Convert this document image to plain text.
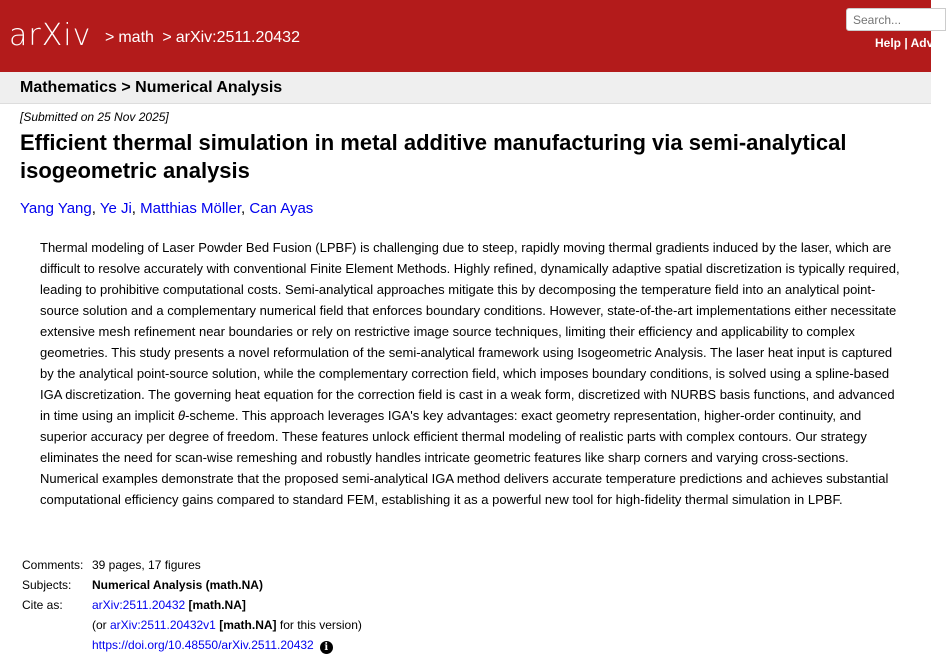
arXiv > math > arXiv:2511.20432
Search...	Help | Adva
Mathematics > Numerical Analysis
[Submitted on 25 Nov 2025]
Efficient thermal simulation in metal additive manufacturing via semi-analytical isogeometric analysis
Yang Yang, Ye Ji, Matthias Möller, Can Ayas

Thermal modeling of Laser Powder Bed Fusion (LPBF) is challenging due to steep, rapidly moving thermal gradients induced by the laser, which are difficult to resolve accurately with conventional Finite Element Methods. Highly refined, dynamically adaptive spatial discretization is typically required, leading to prohibitive computational costs. Semi-analytical approaches mitigate this by decomposing the temperature field into an analytical point-source solution and a complementary numerical field that enforces boundary conditions. However, state-of-the-art implementations either necessitate extensive mesh refinement near boundaries or rely on restrictive image source techniques, limiting their efficiency and applicability to complex geometries. This study presents a novel reformulation of the semi-analytical framework using Isogeometric Analysis. The laser heat input is captured by the analytical point-source solution, while the complementary correction field, which imposes boundary conditions, is solved using a spline-based IGA discretization. The governing heat equation for the correction field is cast in a weak form, discretized with NURBS basis functions, and advanced in time using an implicit θ-scheme. This approach leverages IGA's key advantages: exact geometry representation, higher-order continuity, and superior accuracy per degree of freedom. These features unlock efficient thermal modeling of realistic parts with complex contours. Our strategy eliminates the need for scan-wise remeshing and robustly handles intricate geometric features like sharp corners and varying cross-sections. Numerical examples demonstrate that the proposed semi-analytical IGA method delivers accurate temperature predictions and achieves substantial computational efficiency gains compared to standard FEM, establishing it as a powerful new tool for high-fidelity thermal simulation in LPBF.

Comments:	39 pages, 17 figures
Subjects:	Numerical Analysis (math.NA)
Cite as:	arXiv:2511.20432 [math.NA]
	(or arXiv:2511.20432v1 [math.NA] for this version)
	https://doi.org/10.48550/arXiv.2511.20432 i
